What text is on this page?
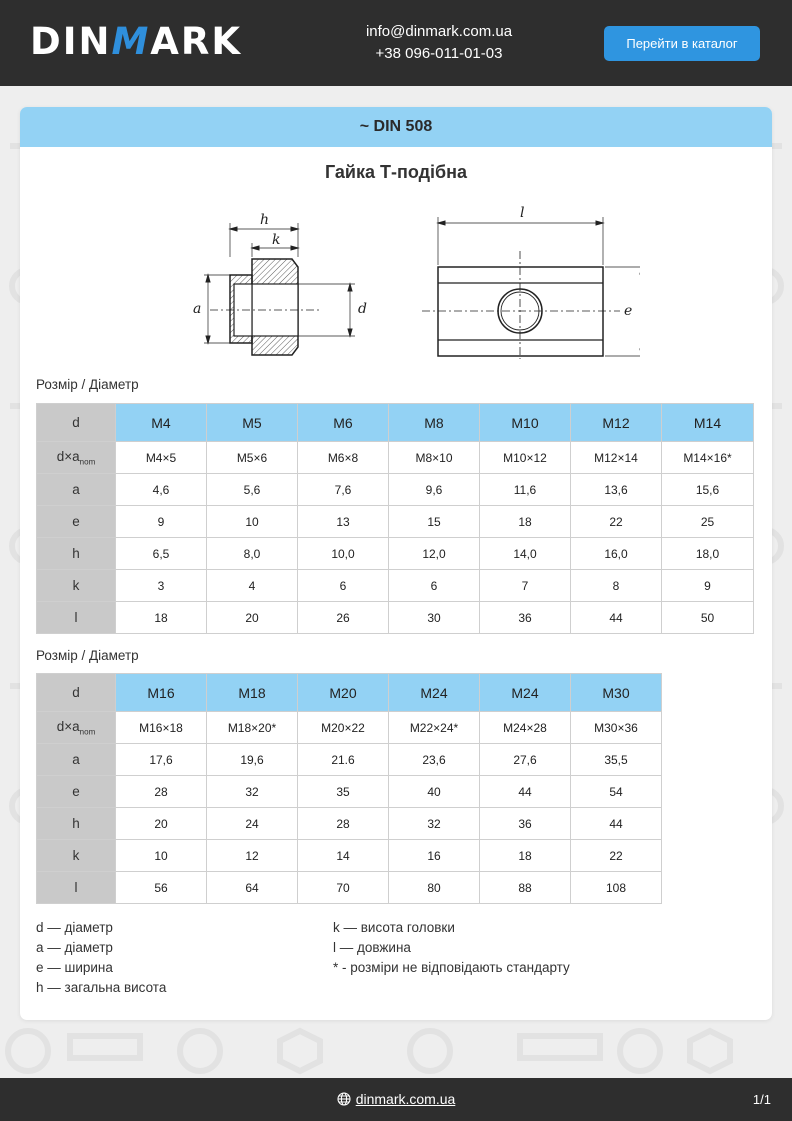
DINMARK	info@dinmark.com.ua
+38 096-011-01-03
Перейти в каталог
~ DIN 508
Гайка Т-подібна
h
k
a	d
l
e
Розмір / Діаметр
d	M4	M5	M6	M8	M10	M12	M14
$d\times a_{nom}$	M4×5	M5×6	M6×8	M8×10	M10×12	M12×14	M14×16*
a	4,6	5,6	7,6	9,6	11,6	13,6	15,6
e	9	10	13	15	18	22	25
h	6,5	8,0	10,0	12,0	14,0	16,0	18,0
k	3	4	6	6	7	8	9
l	18	20	26	30	36	44	50
Розмір / Діаметр
d	M16	M18	M20	M24	M24	M30	
$d\times a_{nom}$	M16×18	M18×20*	M20×22	M22×24*	M24×28	M30×36	
a	17,6	19,6	21.6	23,6	27,6	35,5	
e	28	32	35	40	44	54	
h	20	24	28	32	36	44	
k	10	12	14	16	18	22	
l	56	64	70	80	88	108	
d — діаметр
a — діаметр
e — ширина
h — загальна висота
k — висота головки
l — довжина
* - розміри не відповідають стандарту
dinmark.com.ua	1/1
